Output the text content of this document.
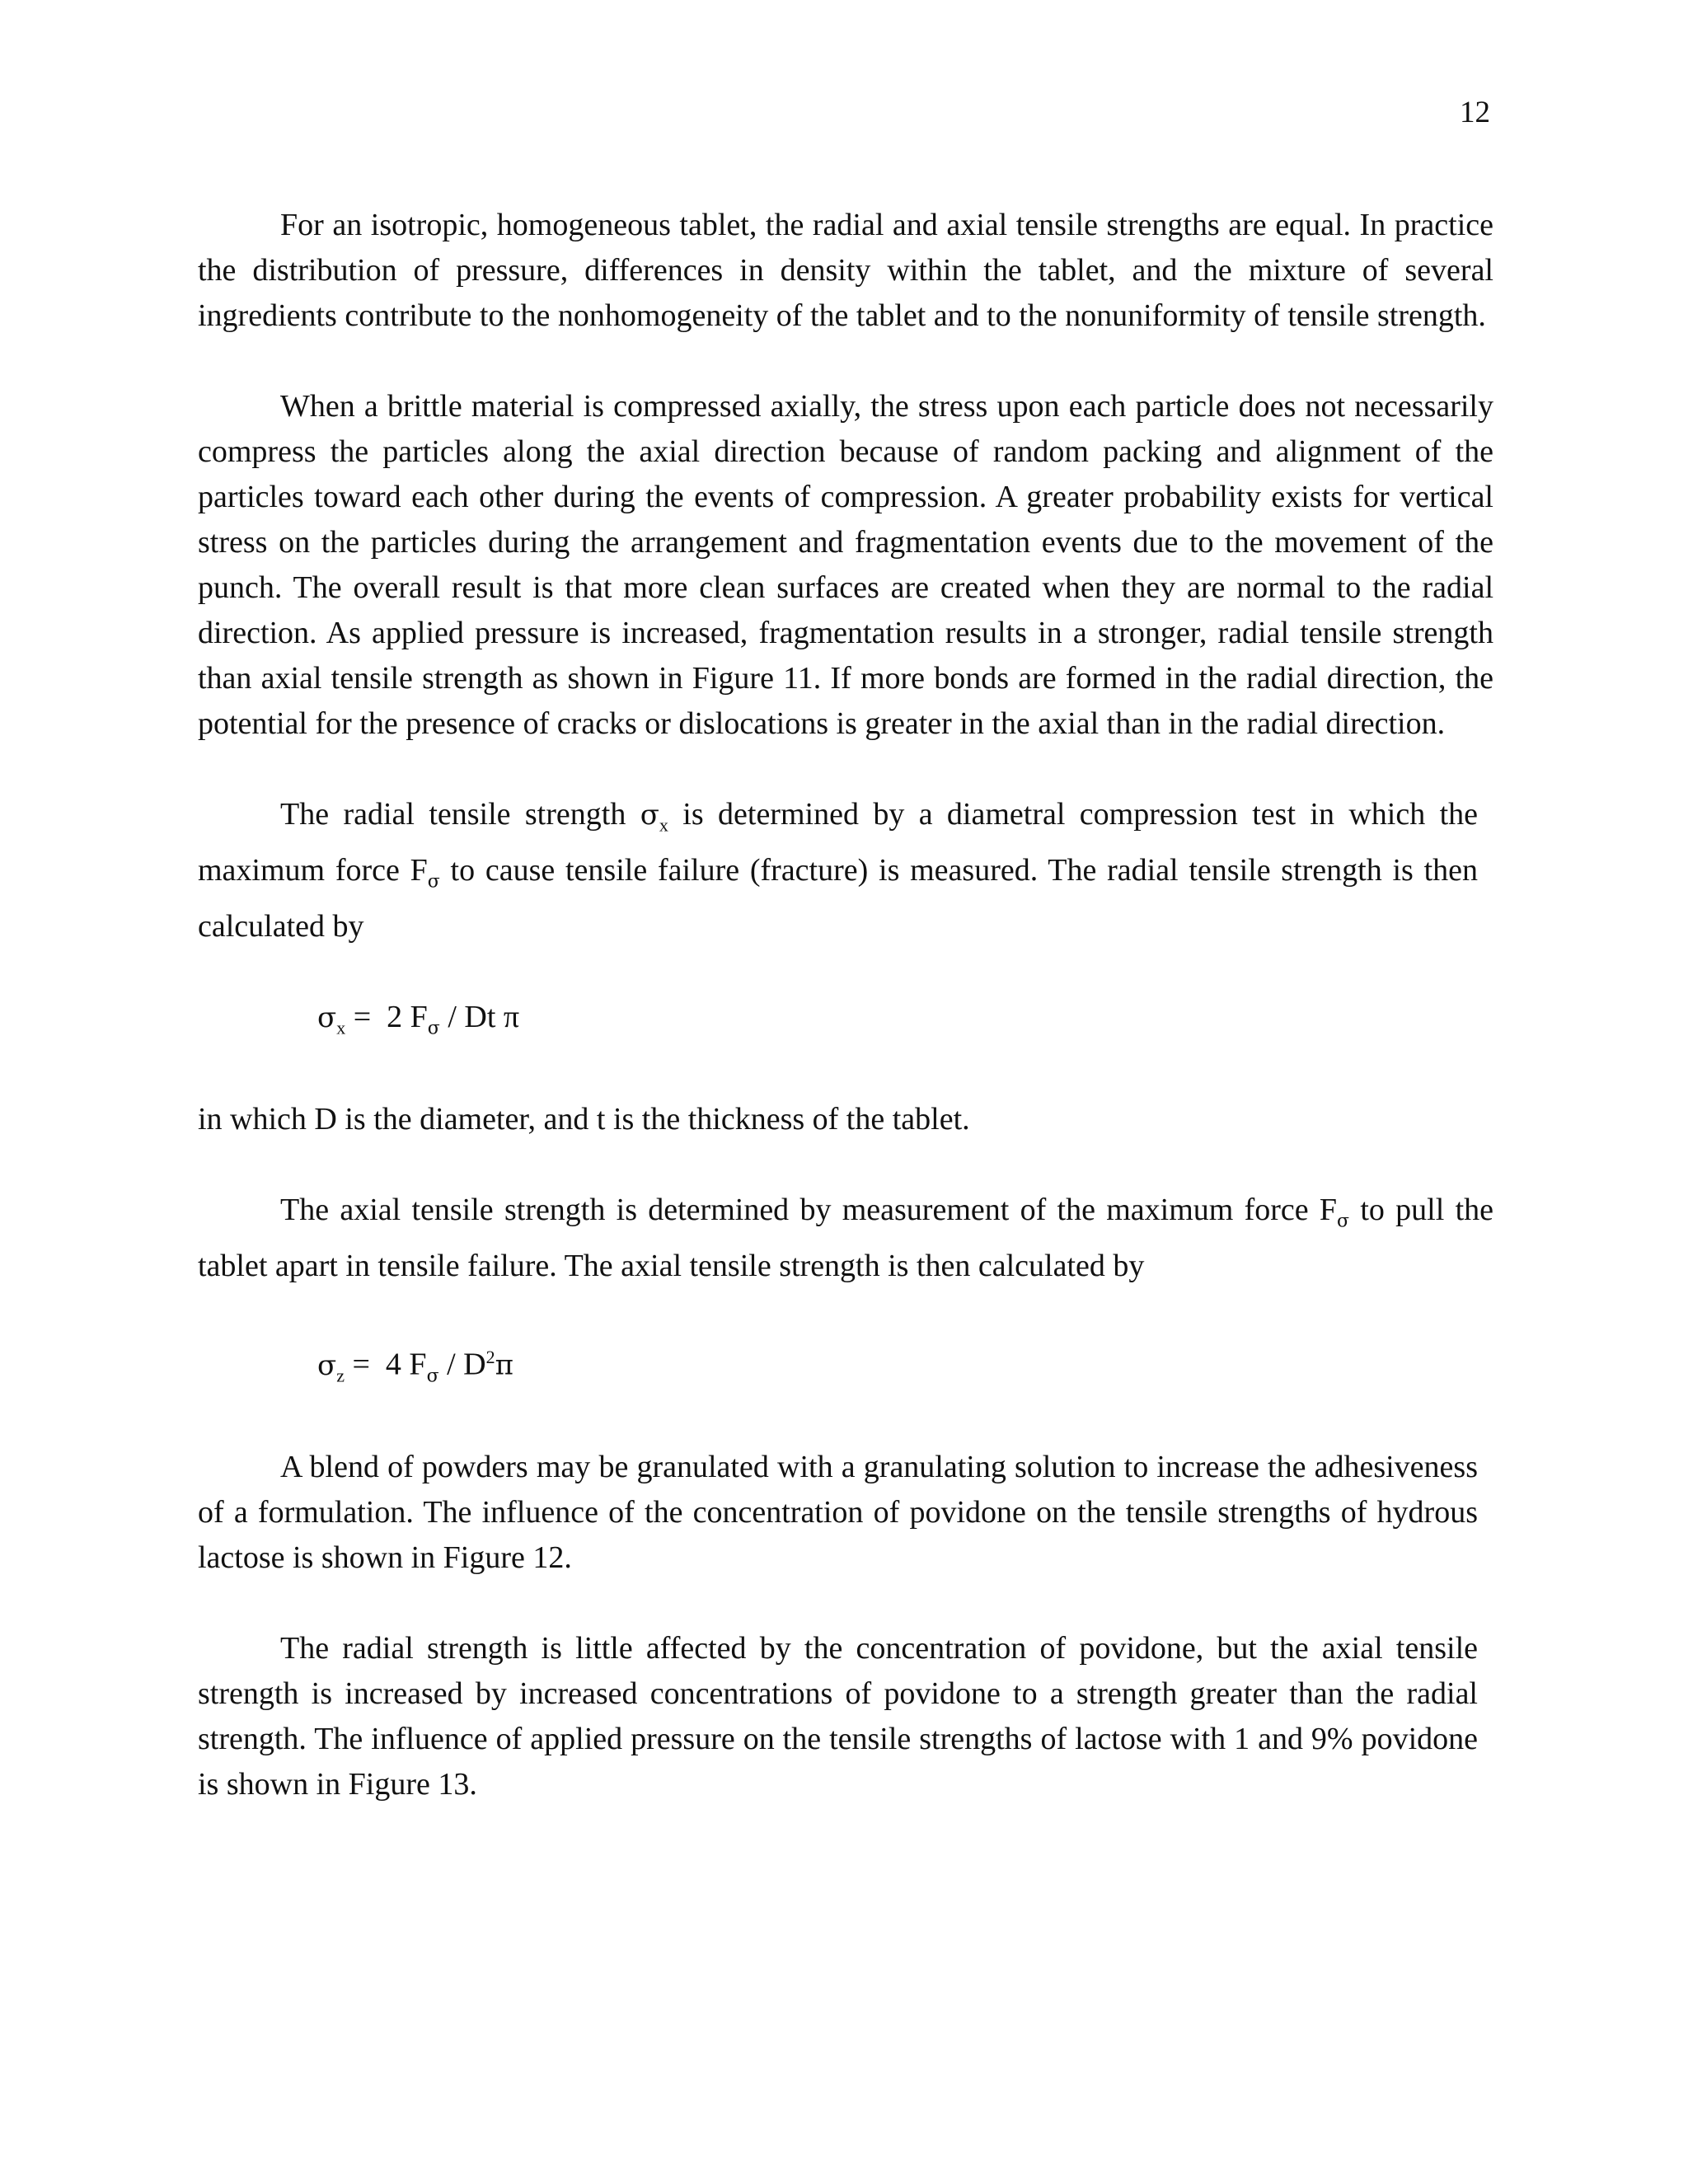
12

For an isotropic, homogeneous tablet, the radial and axial tensile strengths are equal. In practice the distribution of pressure, differences in density within the tablet, and the mixture of several ingredients contribute to the nonhomogeneity of the tablet and to the nonuniformity of tensile strength.

When a brittle material is compressed axially, the stress upon each particle does not necessarily compress the particles along the axial direction because of random packing and alignment of the particles toward each other during the events of compression. A greater probability exists for vertical stress on the particles during the arrangement and fragmentation events due to the movement of the punch. The overall result is that more clean surfaces are created when they are normal to the radial direction. As applied pressure is increased, fragmentation results in a stronger, radial tensile strength than axial tensile strength as shown in Figure 11. If more bonds are formed in the radial direction, the potential for the presence of cracks or dislocations is greater in the axial than in the radial direction.

The radial tensile strength $\sigma_x$ is determined by a diametral compression test in which the maximum force $F_\sigma$ to cause tensile failure (fracture) is measured. The radial tensile strength is then calculated by

$\sigma_x = 2$ $F_\sigma$ / Dt π

in which D is the diameter, and t is the thickness of the tablet.

The axial tensile strength is determined by measurement of the maximum force $F_\sigma$ to pull the tablet apart in tensile failure. The axial tensile strength is then calculated by

$\sigma_z = 4$ $F_\sigma / D^2\pi$

A blend of powders may be granulated with a granulating solution to increase the adhesiveness of a formulation. The influence of the concentration of povidone on the tensile strengths of hydrous lactose is shown in Figure 12.

The radial strength is little affected by the concentration of povidone, but the axial tensile strength is increased by increased concentrations of povidone to a strength greater than the radial strength. The influence of applied pressure on the tensile strengths of lactose with 1 and 9% povidone is shown in Figure 13.
